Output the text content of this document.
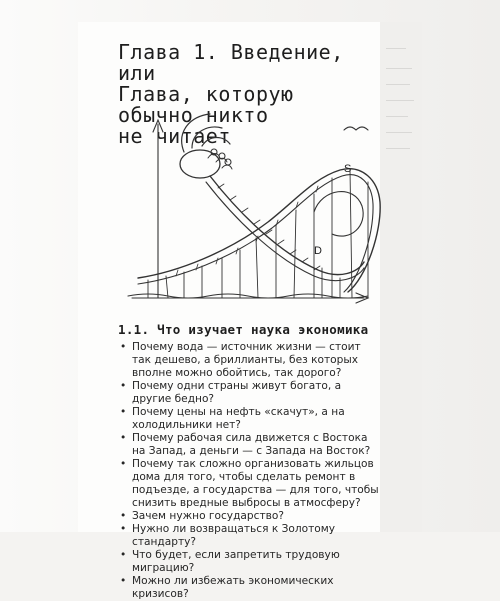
Глава 1. Введение, или
Глава, которую
обычно никто
не читает
S
D
1.1. Что изучает наука экономика
• Почему вода — источник жизни — стоит так дешево, а бриллианты, без которых вполне можно обойтись, так дорого?
• Почему одни страны живут богато, а другие бедно?
• Почему цены на нефть «скачут», а на холодильники нет?
• Почему рабочая сила движется с Востока на Запад, а деньги — с Запада на Восток?
• Почему так сложно организовать жильцов дома для того, чтобы сделать ремонт в подъезде, а государства — для того, чтобы снизить вредные выбросы в атмосферу?
• Зачем нужно государство?
• Нужно ли возвращаться к Золотому стандарту?
• Что будет, если запретить трудовую миграцию?
• Можно ли избежать экономических кризисов?
